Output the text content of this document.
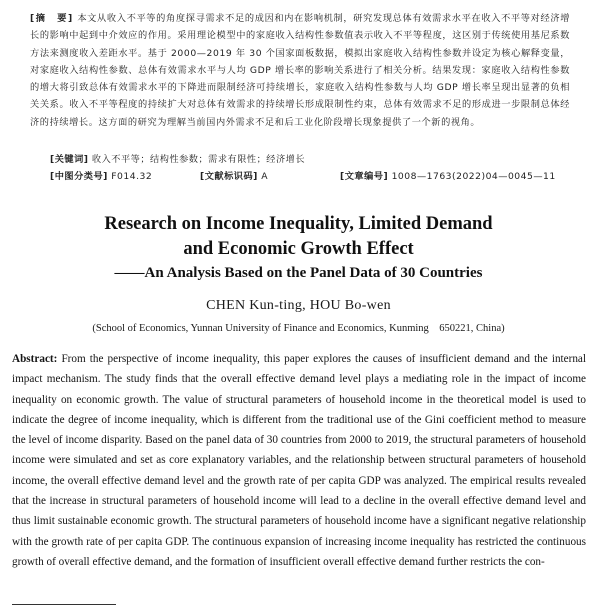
[摘　要] 本文从收入不平等的角度探寻需求不足的成因和内在影响机制，研究发现总体有效需求水平在收入不平等对经济增长的影响中起到中介效应的作用。采用理论模型中的家庭收入结构性参数值表示收入不平等程度，这区别于传统使用基尼系数方法来测度收入差距水平。基于 2000—2019 年 30 个国家面板数据，模拟出家庭收入结构性参数并设定为核心解释变量，对家庭收入结构性参数、总体有效需求水平与人均 GDP 增长率的影响关系进行了相关分析。结果发现：家庭收入结构性参数的增大将引致总体有效需求水平的下降进而限制经济可持续增长，家庭收入结构性参数与人均 GDP 增长率呈现出显著的负相关关系。收入不平等程度的持续扩大对总体有效需求的持续增长形成限制性约束，总体有效需求不足的形成进一步限制总体经济的持续增长。这方面的研究为理解当前国内外需求不足和后工业化阶段增长现象提供了一个新的视角。
[关键词] 收入不平等；结构性参数；需求有限性；经济增长
[中图分类号] F014.32	[文献标识码] A	[文章编号] 1008—1763(2022)04—0045—11
Research on Income Inequality, Limited Demand
and Economic Growth Effect
——An Analysis Based on the Panel Data of 30 Countries
CHEN Kun-ting, HOU Bo-wen
(School of Economics, Yunnan University of Finance and Economics, Kunming　650221, China)
Abstract: From the perspective of income inequality, this paper explores the causes of insufficient demand and the internal impact mechanism. The study finds that the overall effective demand level plays a mediating role in the impact of income inequality on economic growth. The value of structural parameters of household income in the theoretical model is used to indicate the degree of income inequality, which is different from the traditional use of the Gini coefficient method to measure the level of income disparity. Based on the panel data of 30 countries from 2000 to 2019, the structural parameters of household income were simulated and set as core explanatory variables, and the relationship between structural parameters of household income, the overall effective demand level and the growth rate of per capita GDP was analyzed. The empirical results revealed that the increase in structural parameters of household income will lead to a decline in the overall effective demand level and thus limit sustainable economic growth. The structural parameters of household income have a significant negative relationship with the growth rate of per capita GDP. The continuous expansion of increasing income inequality has restricted the continuous growth of overall effective demand, and the formation of insufficient overall effective demand further restricts the con-
